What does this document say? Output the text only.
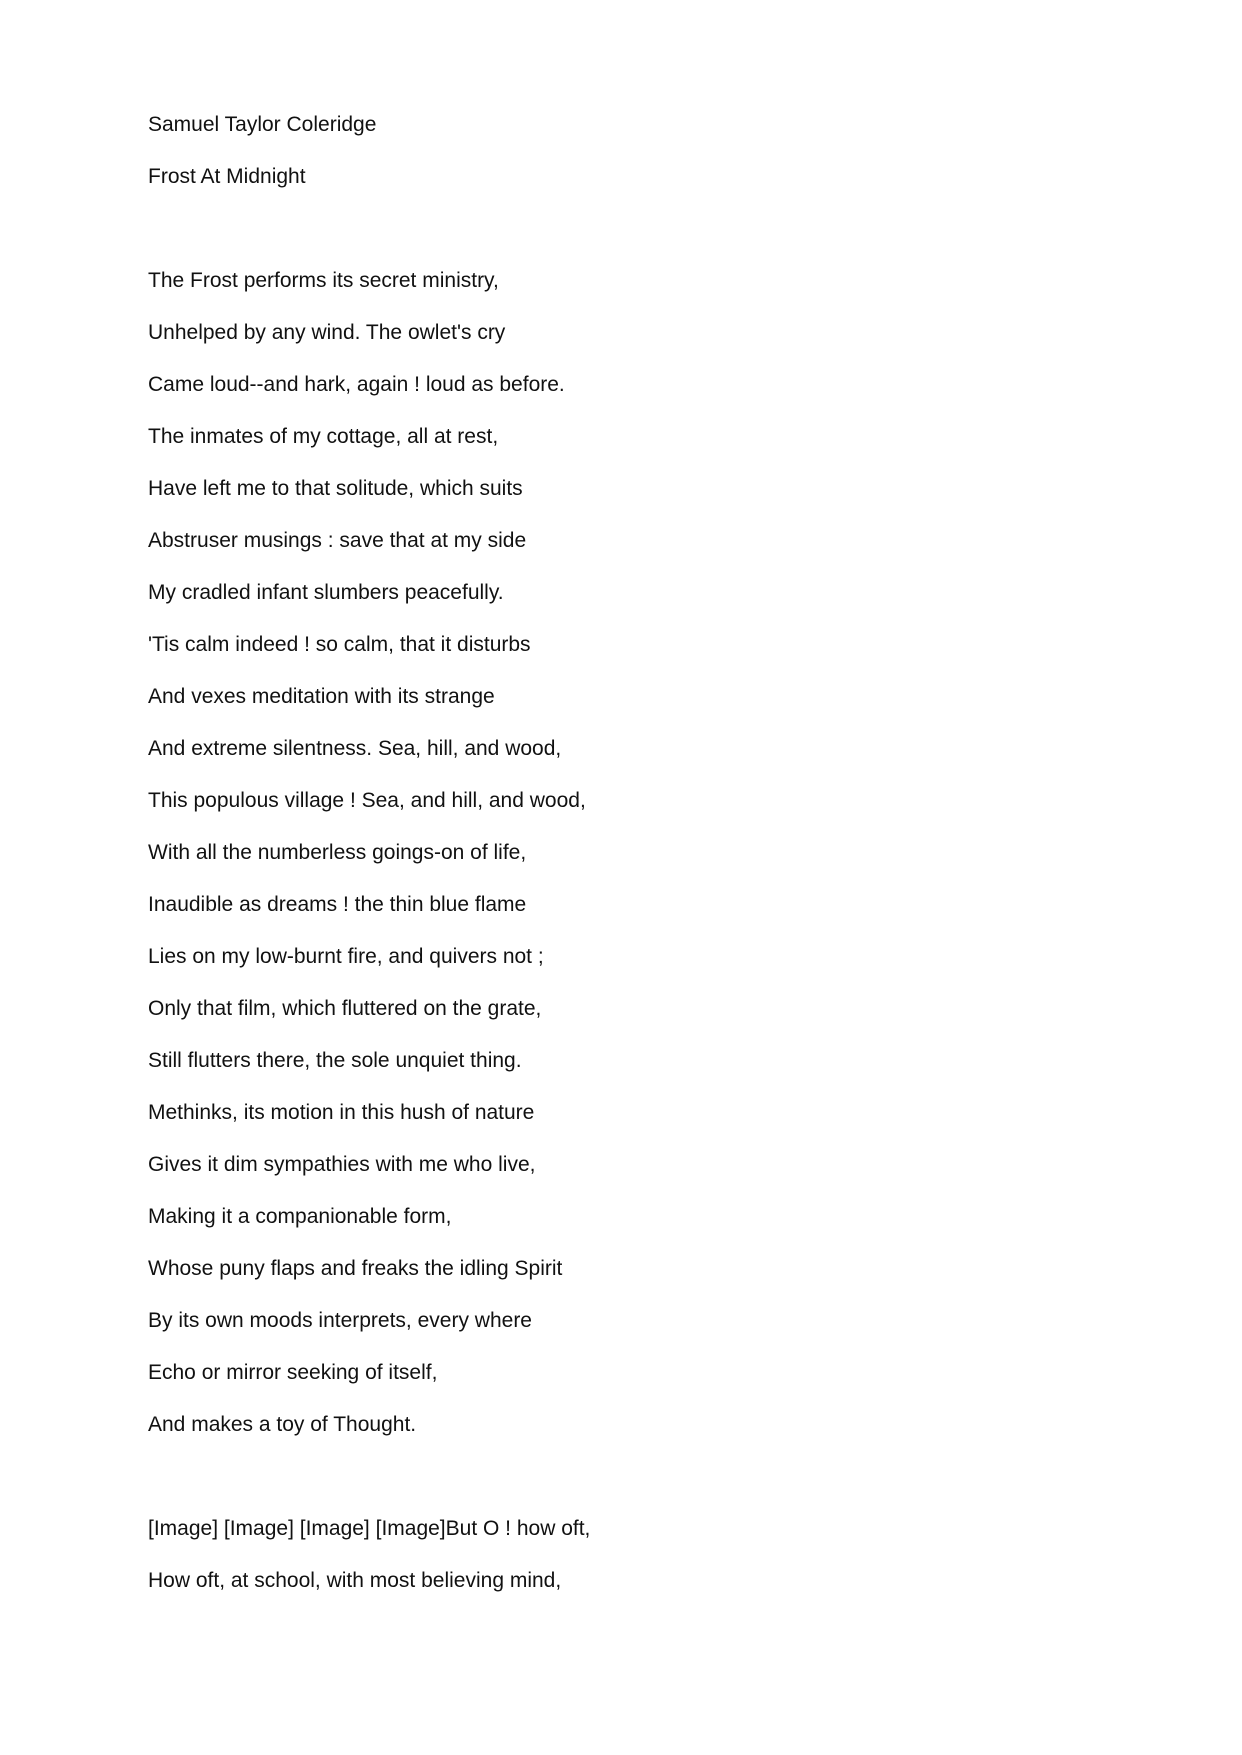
Samuel Taylor Coleridge

Frost At Midnight

The Frost performs its secret ministry,

Unhelped by any wind. The owlet's cry

Came loud--and hark, again ! loud as before.

The inmates of my cottage, all at rest,

Have left me to that solitude, which suits

Abstruser musings : save that at my side

My cradled infant slumbers peacefully.

'Tis calm indeed ! so calm, that it disturbs

And vexes meditation with its strange

And extreme silentness. Sea, hill, and wood,

This populous village ! Sea, and hill, and wood,

With all the numberless goings-on of life,

Inaudible as dreams ! the thin blue flame

Lies on my low-burnt fire, and quivers not ;

Only that film, which fluttered on the grate,

Still flutters there, the sole unquiet thing.

Methinks, its motion in this hush of nature

Gives it dim sympathies with me who live,

Making it a companionable form,

Whose puny flaps and freaks the idling Spirit

By its own moods interprets, every where

Echo or mirror seeking of itself,

And makes a toy of Thought.

[Image] [Image] [Image] [Image]But O ! how oft,

How oft, at school, with most believing mind,
